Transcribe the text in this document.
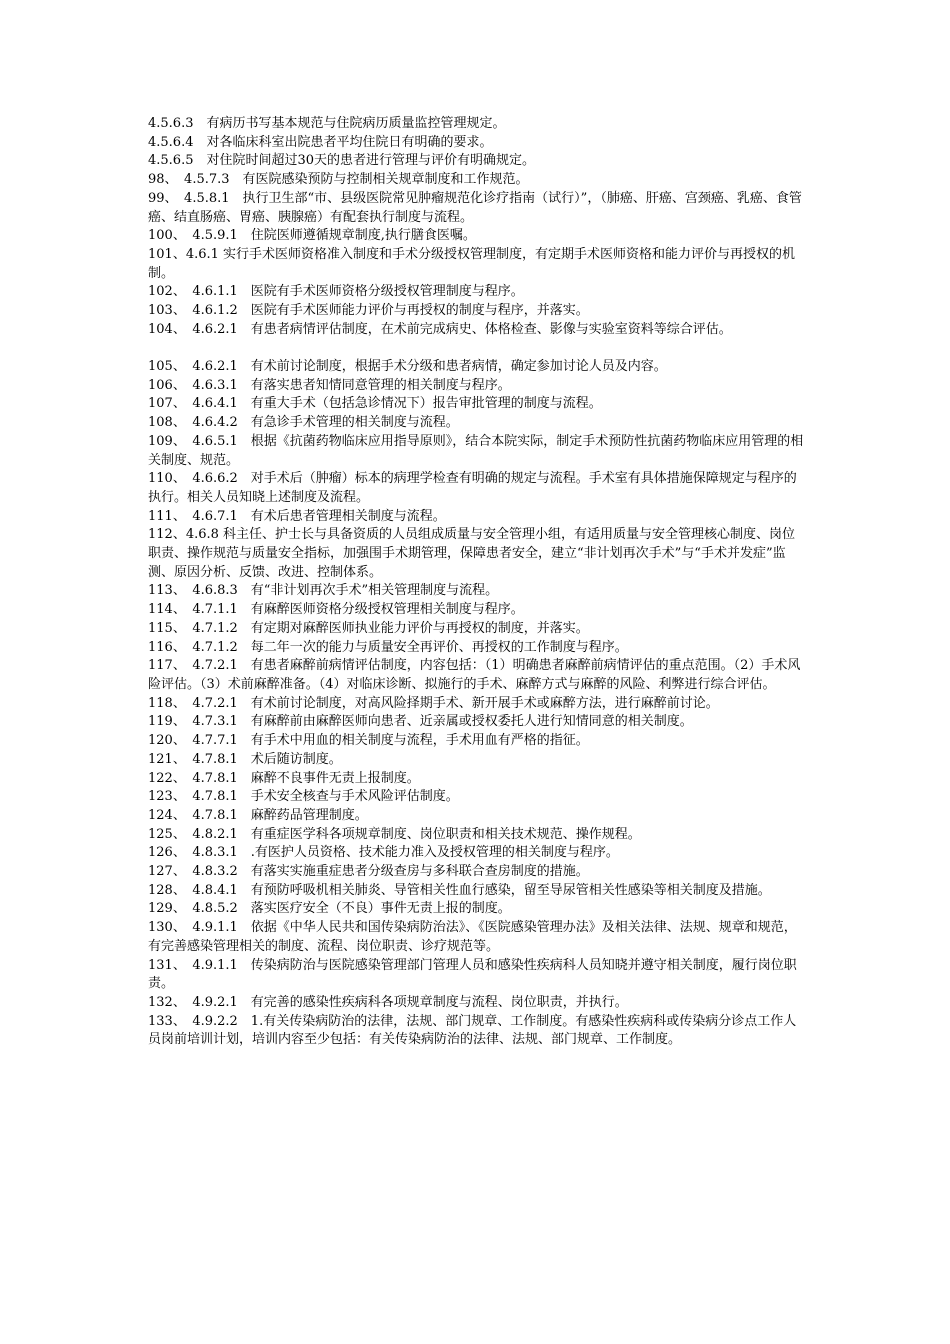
4.5.6.3　有病历书写基本规范与住院病历质量监控管理规定。

4.5.6.4　对各临床科室出院患者平均住院日有明确的要求。

4.5.6.5　对住院时间超过30天的患者进行管理与评价有明确规定。

98、　4.5.7.3　有医院感染预防与控制相关规章制度和工作规范。

99、　4.5.8.1　执行卫生部“市、县级医院常见肿瘤规范化诊疗指南（试行）”，（肺癌、肝癌、宫颈癌、乳癌、食管癌、结直肠癌、胃癌、胰腺癌）有配套执行制度与流程。

100、　4.5.9.1　住院医师遵循规章制度,执行膳食医嘱。

101、4.6.1 实行手术医师资格准入制度和手术分级授权管理制度，有定期手术医师资格和能力评价与再授权的机制。

102、　4.6.1.1　医院有手术医师资格分级授权管理制度与程序。

103、　4.6.1.2　医院有手术医师能力评价与再授权的制度与程序，并落实。

104、　4.6.2.1　有患者病情评估制度，在术前完成病史、体格检查、影像与实验室资料等综合评估。

105、　4.6.2.1　有术前讨论制度，根据手术分级和患者病情，确定参加讨论人员及内容。

106、　4.6.3.1　有落实患者知情同意管理的相关制度与程序。

107、　4.6.4.1　有重大手术（包括急诊情况下）报告审批管理的制度与流程。

108、　4.6.4.2　有急诊手术管理的相关制度与流程。

109、　4.6.5.1　根据《抗菌药物临床应用指导原则》，结合本院实际，制定手术预防性抗菌药物临床应用管理的相关制度、规范。

110、　4.6.6.2　对手术后（肿瘤）标本的病理学检查有明确的规定与流程。手术室有具体措施保障规定与程序的执行。相关人员知晓上述制度及流程。

111、　4.6.7.1　有术后患者管理相关制度与流程。

112、4.6.8 科主任、护士长与具备资质的人员组成质量与安全管理小组，有适用质量与安全管理核心制度、岗位职责、操作规范与质量安全指标，加强围手术期管理，保障患者安全，建立“非计划再次手术”与“手术并发症”监测、原因分析、反馈、改进、控制体系。

113、　4.6.8.3　有“非计划再次手术”相关管理制度与流程。

114、　4.7.1.1　有麻醉医师资格分级授权管理相关制度与程序。

115、　4.7.1.2　有定期对麻醉医师执业能力评价与再授权的制度，并落实。

116、　4.7.1.2　每二年一次的能力与质量安全再评价、再授权的工作制度与程序。

117、　4.7.2.1　有患者麻醉前病情评估制度，内容包括：（1）明确患者麻醉前病情评估的重点范围。（2）手术风险评估。（3）术前麻醉准备。（4）对临床诊断、拟施行的手术、麻醉方式与麻醉的风险、利弊进行综合评估。

118、　4.7.2.1　有术前讨论制度，对高风险择期手术、新开展手术或麻醉方法，进行麻醉前讨论。

119、　4.7.3.1　有麻醉前由麻醉医师向患者、近亲属或授权委托人进行知情同意的相关制度。

120、　4.7.7.1　有手术中用血的相关制度与流程，手术用血有严格的指征。

121、　4.7.8.1　术后随访制度。

122、　4.7.8.1　麻醉不良事件无责上报制度。

123、　4.7.8.1　手术安全核查与手术风险评估制度。

124、　4.7.8.1　麻醉药品管理制度。

125、　4.8.2.1　有重症医学科各项规章制度、岗位职责和相关技术规范、操作规程。

126、　4.8.3.1　.有医护人员资格、技术能力准入及授权管理的相关制度与程序。

127、　4.8.3.2　有落实实施重症患者分级查房与多科联合查房制度的措施。

128、　4.8.4.1　有预防呼吸机相关肺炎、导管相关性血行感染，留至导尿管相关性感染等相关制度及措施。

129、　4.8.5.2　落实医疗安全（不良）事件无责上报的制度。

130、　4.9.1.1　依据《中华人民共和国传染病防治法》、《医院感染管理办法》及相关法律、法规、规章和规范，有完善感染管理相关的制度、流程、岗位职责、诊疗规范等。

131、　4.9.1.1　传染病防治与医院感染管理部门管理人员和感染性疾病科人员知晓并遵守相关制度，履行岗位职责。

132、　4.9.2.1　有完善的感染性疾病科各项规章制度与流程、岗位职责，并执行。

133、　4.9.2.2　1.有关传染病防治的法律，法规、部门规章、工作制度。有感染性疾病科或传染病分诊点工作人员岗前培训计划，培训内容至少包括：有关传染病防治的法律、法规、部门规章、工作制度。
